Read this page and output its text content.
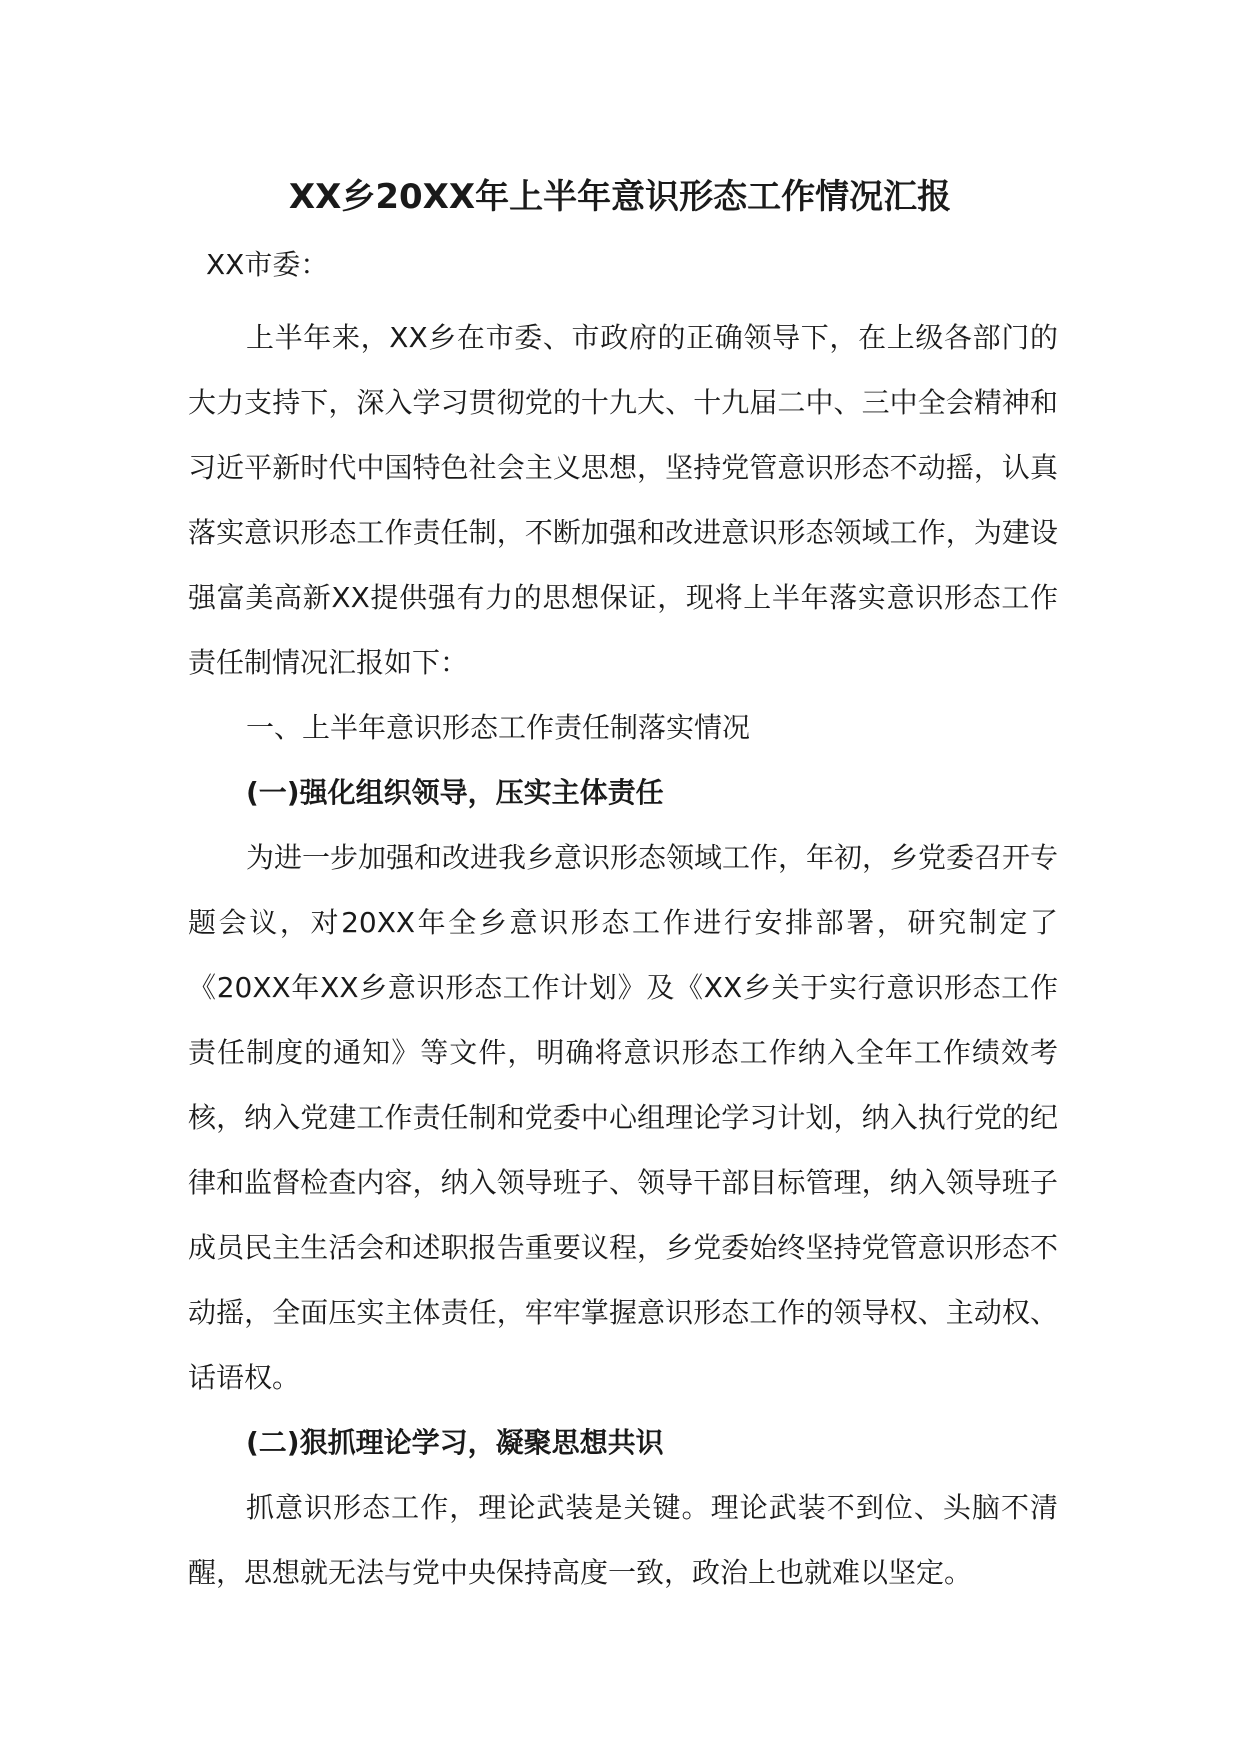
XX乡20XX年上半年意识形态工作情况汇报
XX市委：

上半年来，XX乡在市委、市政府的正确领导下，在上级各部门的大力支持下，深入学习贯彻党的十九大、十九届二中、三中全会精神和习近平新时代中国特色社会主义思想，坚持党管意识形态不动摇，认真落实意识形态工作责任制，不断加强和改进意识形态领域工作，为建设强富美高新XX提供强有力的思想保证，现将上半年落实意识形态工作责任制情况汇报如下：

一、上半年意识形态工作责任制落实情况

(一)强化组织领导，压实主体责任

为进一步加强和改进我乡意识形态领域工作，年初，乡党委召开专题会议，对20XX年全乡意识形态工作进行安排部署，研究制定了《20XX年XX乡意识形态工作计划》及《XX乡关于实行意识形态工作责任制度的通知》等文件，明确将意识形态工作纳入全年工作绩效考核，纳入党建工作责任制和党委中心组理论学习计划，纳入执行党的纪律和监督检查内容，纳入领导班子、领导干部目标管理，纳入领导班子成员民主生活会和述职报告重要议程，乡党委始终坚持党管意识形态不动摇，全面压实主体责任，牢牢掌握意识形态工作的领导权、主动权、话语权。

(二)狠抓理论学习，凝聚思想共识

抓意识形态工作，理论武装是关键。理论武装不到位、头脑不清醒，思想就无法与党中央保持高度一致，政治上也就难以坚定。
